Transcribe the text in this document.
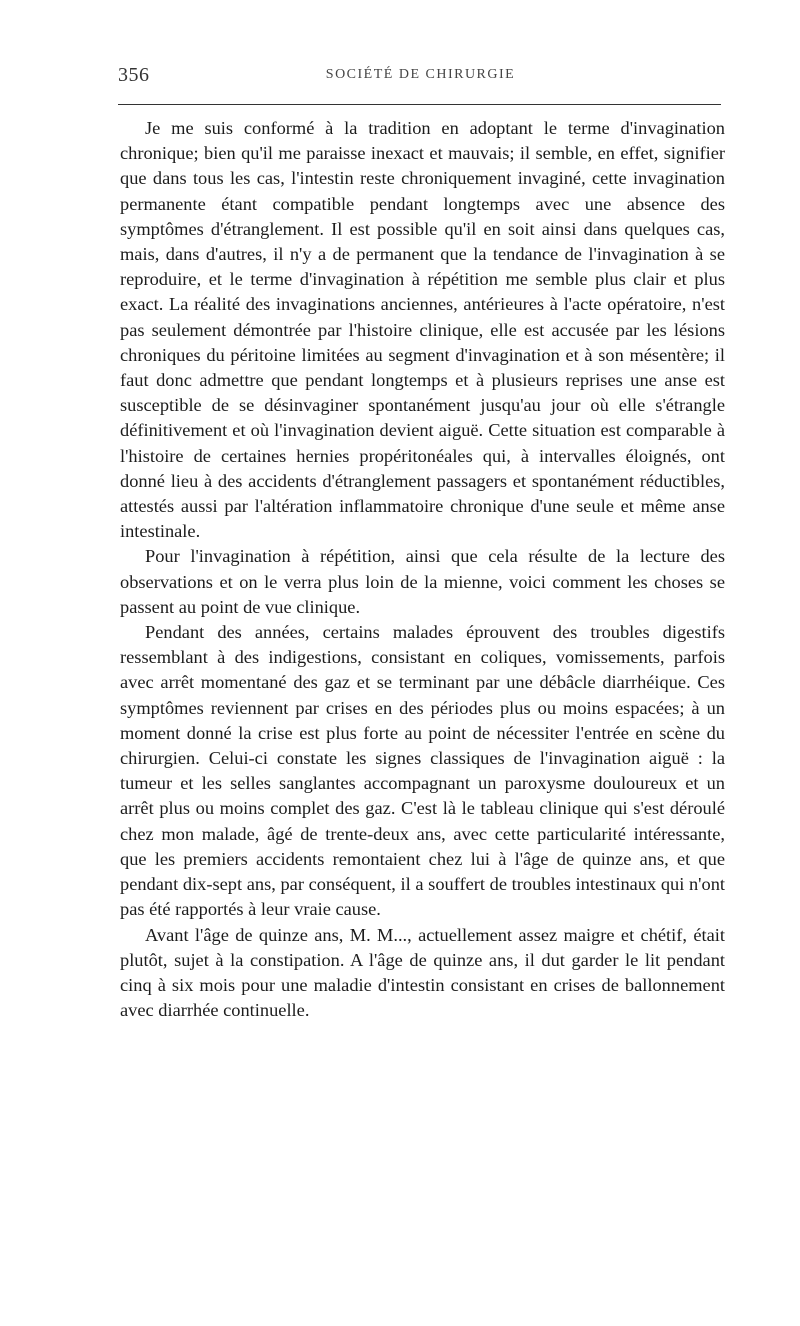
356	SOCIÉTÉ DE CHIRURGIE

Je me suis conformé à la tradition en adoptant le terme d'invagination chronique; bien qu'il me paraisse inexact et mauvais; il semble, en effet, signifier que dans tous les cas, l'intestin reste chroniquement invaginé, cette invagination permanente étant compatible pendant longtemps avec une absence des symptômes d'étranglement. Il est possible qu'il en soit ainsi dans quelques cas, mais, dans d'autres, il n'y a de permanent que la tendance de l'invagination à se reproduire, et le terme d'invagination à répétition me semble plus clair et plus exact. La réalité des invaginations anciennes, antérieures à l'acte opératoire, n'est pas seulement démontrée par l'histoire clinique, elle est accusée par les lésions chroniques du péritoine limitées au segment d'invagination et à son mésentère; il faut donc admettre que pendant longtemps et à plusieurs reprises une anse est susceptible de se désinvaginer spontanément jusqu'au jour où elle s'étrangle définitivement et où l'invagination devient aiguë. Cette situation est comparable à l'histoire de certaines hernies propéritonéales qui, à intervalles éloignés, ont donné lieu à des accidents d'étranglement passagers et spontanément réductibles, attestés aussi par l'altération inflammatoire chronique d'une seule et même anse intestinale.

Pour l'invagination à répétition, ainsi que cela résulte de la lecture des observations et on le verra plus loin de la mienne, voici comment les choses se passent au point de vue clinique.

Pendant des années, certains malades éprouvent des troubles digestifs ressemblant à des indigestions, consistant en coliques, vomissements, parfois avec arrêt momentané des gaz et se terminant par une débâcle diarrhéique. Ces symptômes reviennent par crises en des périodes plus ou moins espacées; à un moment donné la crise est plus forte au point de nécessiter l'entrée en scène du chirurgien. Celui-ci constate les signes classiques de l'invagination aiguë : la tumeur et les selles sanglantes accompagnant un paroxysme douloureux et un arrêt plus ou moins complet des gaz. C'est là le tableau clinique qui s'est déroulé chez mon malade, âgé de trente-deux ans, avec cette particularité intéressante, que les premiers accidents remontaient chez lui à l'âge de quinze ans, et que pendant dix-sept ans, par conséquent, il a souffert de troubles intestinaux qui n'ont pas été rapportés à leur vraie cause.

Avant l'âge de quinze ans, M. M..., actuellement assez maigre et chétif, était plutôt, sujet à la constipation. A l'âge de quinze ans, il dut garder le lit pendant cinq à six mois pour une maladie d'intestin consistant en crises de ballonnement avec diarrhée continuelle.
